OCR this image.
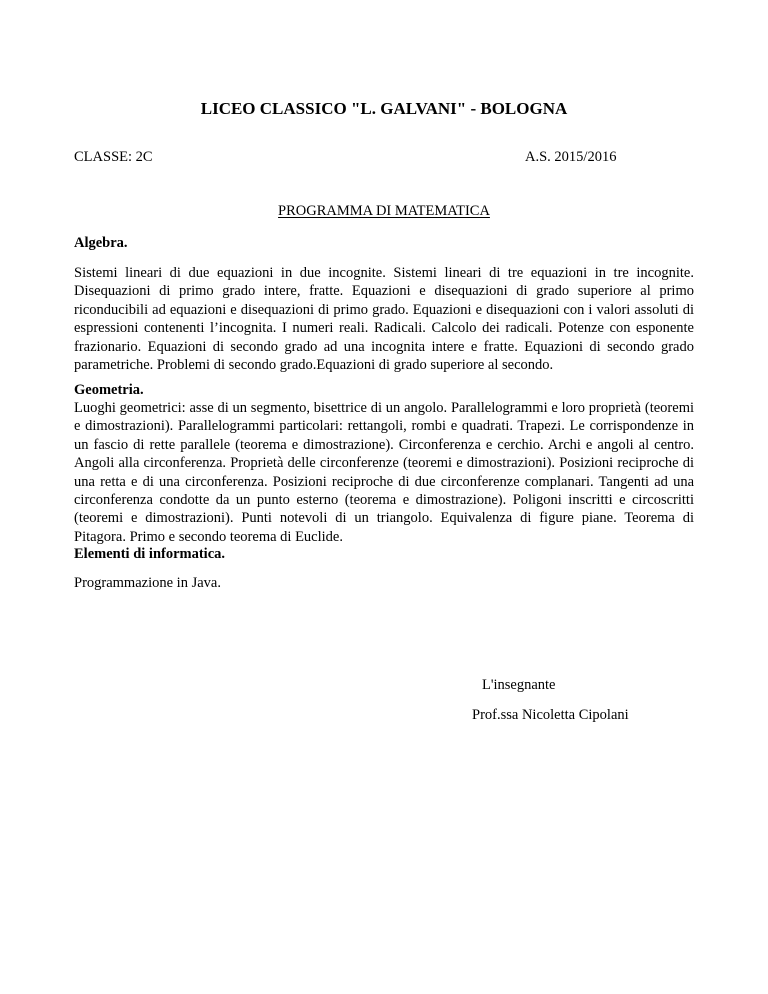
LICEO CLASSICO "L. GALVANI" - BOLOGNA
CLASSE: 2C	A.S. 2015/2016
PROGRAMMA DI MATEMATICA
Algebra.
Sistemi lineari di due equazioni in due incognite. Sistemi lineari di tre equazioni in tre incognite. Disequazioni di primo grado intere, fratte. Equazioni e disequazioni di grado superiore al primo riconducibili ad equazioni e disequazioni di primo grado. Equazioni e disequazioni con i valori assoluti di espressioni contenenti l’incognita. I numeri reali. Radicali. Calcolo dei radicali. Potenze con esponente frazionario. Equazioni di secondo grado ad una incognita intere e fratte. Equazioni di secondo grado parametriche. Problemi di secondo grado.Equazioni di grado superiore al secondo.
Geometria.
Luoghi geometrici: asse di un segmento, bisettrice di un angolo. Parallelogrammi e loro proprietà (teoremi e dimostrazioni). Parallelogrammi particolari: rettangoli, rombi e quadrati. Trapezi. Le corrispondenze in un fascio di rette parallele (teorema e dimostrazione). Circonferenza e cerchio. Archi e angoli al centro. Angoli alla circonferenza. Proprietà delle circonferenze (teoremi e dimostrazioni). Posizioni reciproche di una retta e di una circonferenza. Posizioni reciproche di due circonferenze complanari. Tangenti ad una circonferenza condotte da un punto esterno (teorema e dimostrazione). Poligoni inscritti e circoscritti (teoremi e dimostrazioni). Punti notevoli di un triangolo. Equivalenza di figure piane. Teorema di Pitagora. Primo e secondo teorema di Euclide.
Elementi di informatica.
Programmazione in Java.
L'insegnante
Prof.ssa Nicoletta Cipolani
